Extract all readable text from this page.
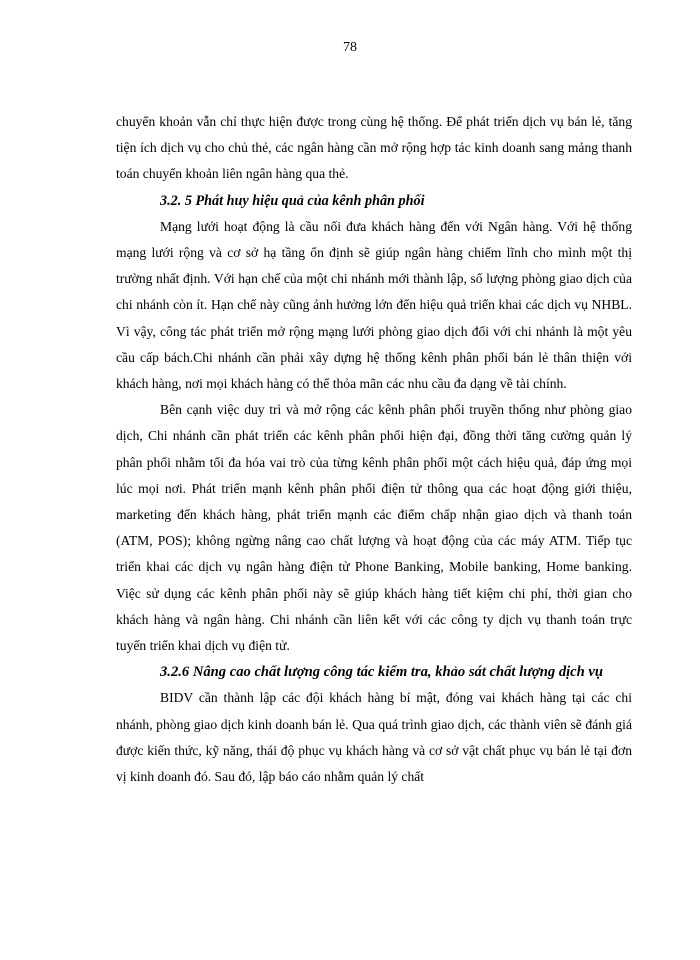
78

chuyển khoản vẫn chỉ thực hiện được trong cùng hệ thống. Để phát triển dịch vụ bán lẻ, tăng tiện ích dịch vụ cho chủ thẻ, các ngân hàng cần mở rộng hợp tác kinh doanh sang mảng thanh toán chuyển khoản liên ngân hàng qua thẻ.

3.2. 5 Phát huy hiệu quả của kênh phân phối

Mạng lưới hoạt động là cầu nối đưa khách hàng đến với Ngân hàng. Với hệ thống mạng lưới rộng và cơ sở hạ tầng ổn định sẽ giúp ngân hàng chiếm lĩnh cho mình một thị trường nhất định. Với hạn chế của một chi nhánh mới thành lập, số lượng phòng giao dịch của chi nhánh còn ít. Hạn chế này cũng ảnh hưởng lớn đến hiệu quả triển khai các dịch vụ NHBL. Vì vậy, công tác phát triển mở rộng mạng lưới phòng giao dịch đối với chi nhánh là một yêu cầu cấp bách.Chi nhánh cần phải xây dựng hệ thống kênh phân phối bán lẻ thân thiện với khách hàng, nơi mọi khách hàng có thể thỏa mãn các nhu cầu đa dạng về tài chính.

Bên cạnh việc duy trì và mở rộng các kênh phân phối truyền thống như phòng giao dịch, Chi nhánh cần phát triển các kênh phân phối hiện đại, đồng thời tăng cường quản lý phân phối nhằm tối đa hóa vai trò của từng kênh phân phối một cách hiệu quả, đáp ứng mọi lúc mọi nơi. Phát triển mạnh kênh phân phối điện tử thông qua các hoạt động giới thiệu, marketing đến khách hàng, phát triển mạnh các điểm chấp nhận giao dịch và thanh toán (ATM, POS); không ngừng nâng cao chất lượng và hoạt động của các máy ATM. Tiếp tục triển khai các dịch vụ ngân hàng điện tử Phone Banking, Mobile banking, Home banking. Việc sử dụng các kênh phân phối này sẽ giúp khách hàng tiết kiệm chi phí, thời gian cho khách hàng và ngân hàng. Chi nhánh cần liên kết với các công ty dịch vụ thanh toán trực tuyến triển khai dịch vụ điện tử.

3.2.6 Nâng cao chất lượng công tác kiểm tra, khảo sát chất lượng dịch vụ

BIDV cần thành lập các đội khách hàng bí mật, đóng vai khách hàng tại các chi nhánh, phòng giao dịch kinh doanh bán lẻ. Qua quá trình giao dịch, các thành viên sẽ đánh giá được kiến thức, kỹ năng, thái độ phục vụ khách hàng và cơ sở vật chất phục vụ bán lẻ tại đơn vị kinh doanh đó. Sau đó, lập báo cáo nhằm quản lý chất
